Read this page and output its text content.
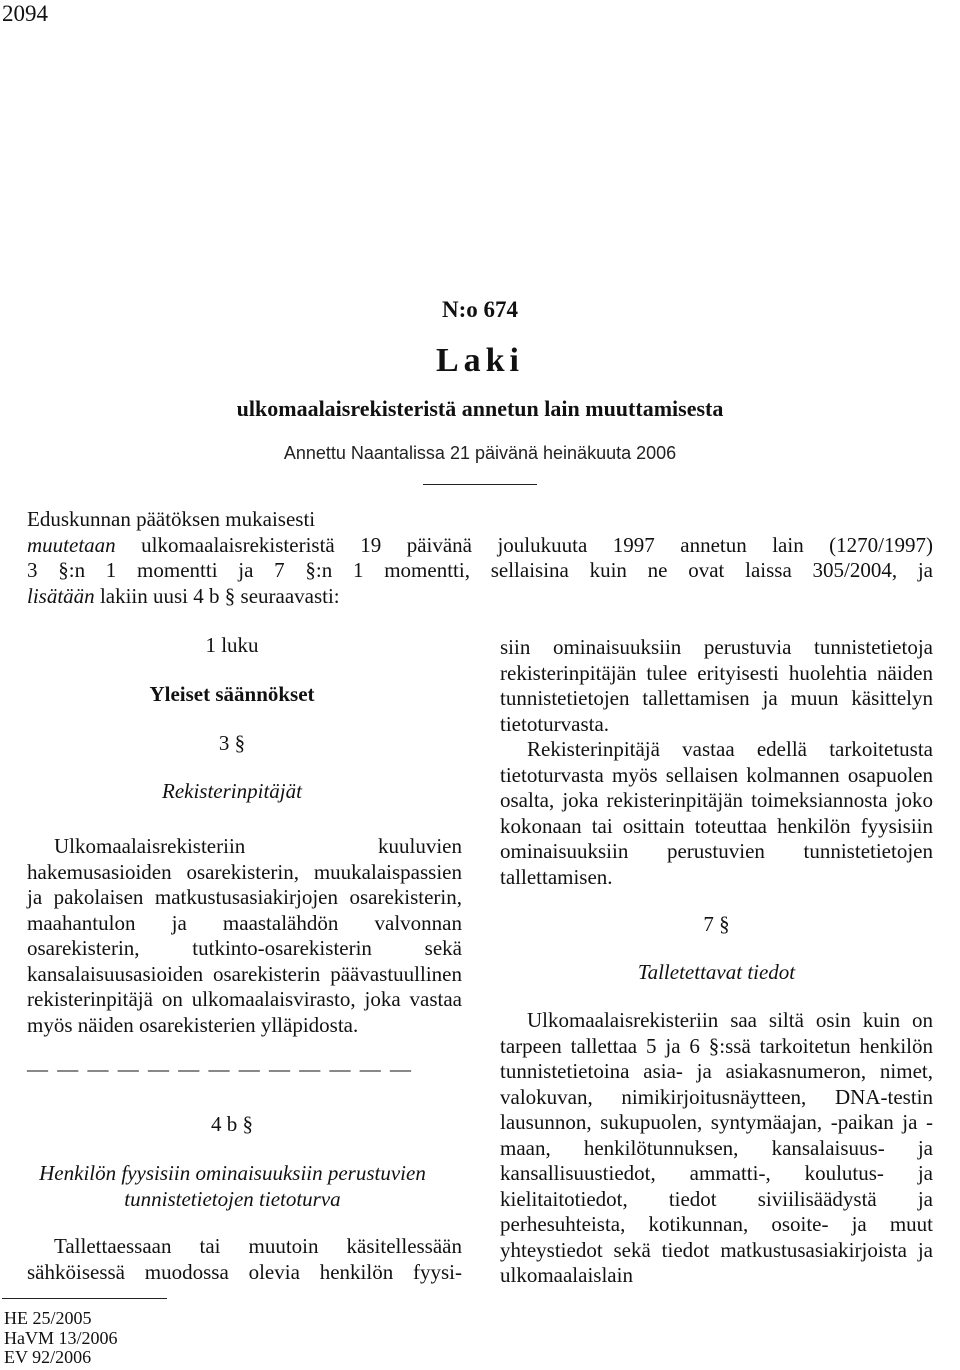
2094
N:o 674
Laki
ulkomaalaisrekisteristä annetun lain muuttamisesta
Annettu Naantalissa 21 päivänä heinäkuuta 2006

Eduskunnan päätöksen mukaisesti

muutetaan ulkomaalaisrekisteristä 19 päivänä joulukuuta 1997 annetun lain (1270/1997)

3 §:n 1 momentti ja 7 §:n 1 momentti, sellaisina kuin ne ovat laissa 305/2004, ja

lisätään lakiin uusi 4 b § seuraavasti:

1 luku
Yleiset säännökset
3 §
Rekisterinpitäjät

Ulkomaalaisrekisteriin kuuluvien hakemusasioiden osarekisterin, muukalaispassien ja pakolaisen matkustusasiakirjojen osarekisterin, maahantulon ja maastalähdön valvonnan osarekisterin, tutkinto-osarekisterin sekä kansalaisuusasioiden osarekisterin päävastuullinen rekisterinpitäjä on ulkomaalaisvirasto, joka vastaa myös näiden osarekisterien ylläpidosta.

— — — — — — — — — — — — —
4 b §
Henkilön fyysisiin ominaisuuksiin perustuvien
tunnistetietojen tietoturva

Tallettaessaan tai muutoin käsitellessään sähköisessä muodossa olevia henkilön fyysi-

siin ominaisuuksiin perustuvia tunnistetietoja rekisterinpitäjän tulee erityisesti huolehtia näiden tunnistetietojen tallettamisen ja muun käsittelyn tietoturvasta.

Rekisterinpitäjä vastaa edellä tarkoitetusta tietoturvasta myös sellaisen kolmannen osapuolen osalta, joka rekisterinpitäjän toimeksiannosta joko kokonaan tai osittain toteuttaa henkilön fyysisiin ominaisuuksiin perustuvien tunnistetietojen tallettamisen.

7 §
Talletettavat tiedot

Ulkomaalaisrekisteriin saa siltä osin kuin on tarpeen tallettaa 5 ja 6 §:ssä tarkoitetun henkilön tunnistetietoina asia- ja asiakasnumeron, nimet, valokuvan, nimikirjoitusnäytteen, DNA-testin lausunnon, sukupuolen, syntymäajan, -paikan ja -maan, henkilötunnuksen, kansalaisuus- ja kansallisuustiedot, ammatti-, koulutus- ja kielitaitotiedot, tiedot siviilisäädystä ja perhesuhteista, kotikunnan, osoite- ja muut yhteystiedot sekä tiedot matkustusasiakirjoista ja ulkomaalaislain

HE 25/2005
HaVM 13/2006
EV 92/2006
